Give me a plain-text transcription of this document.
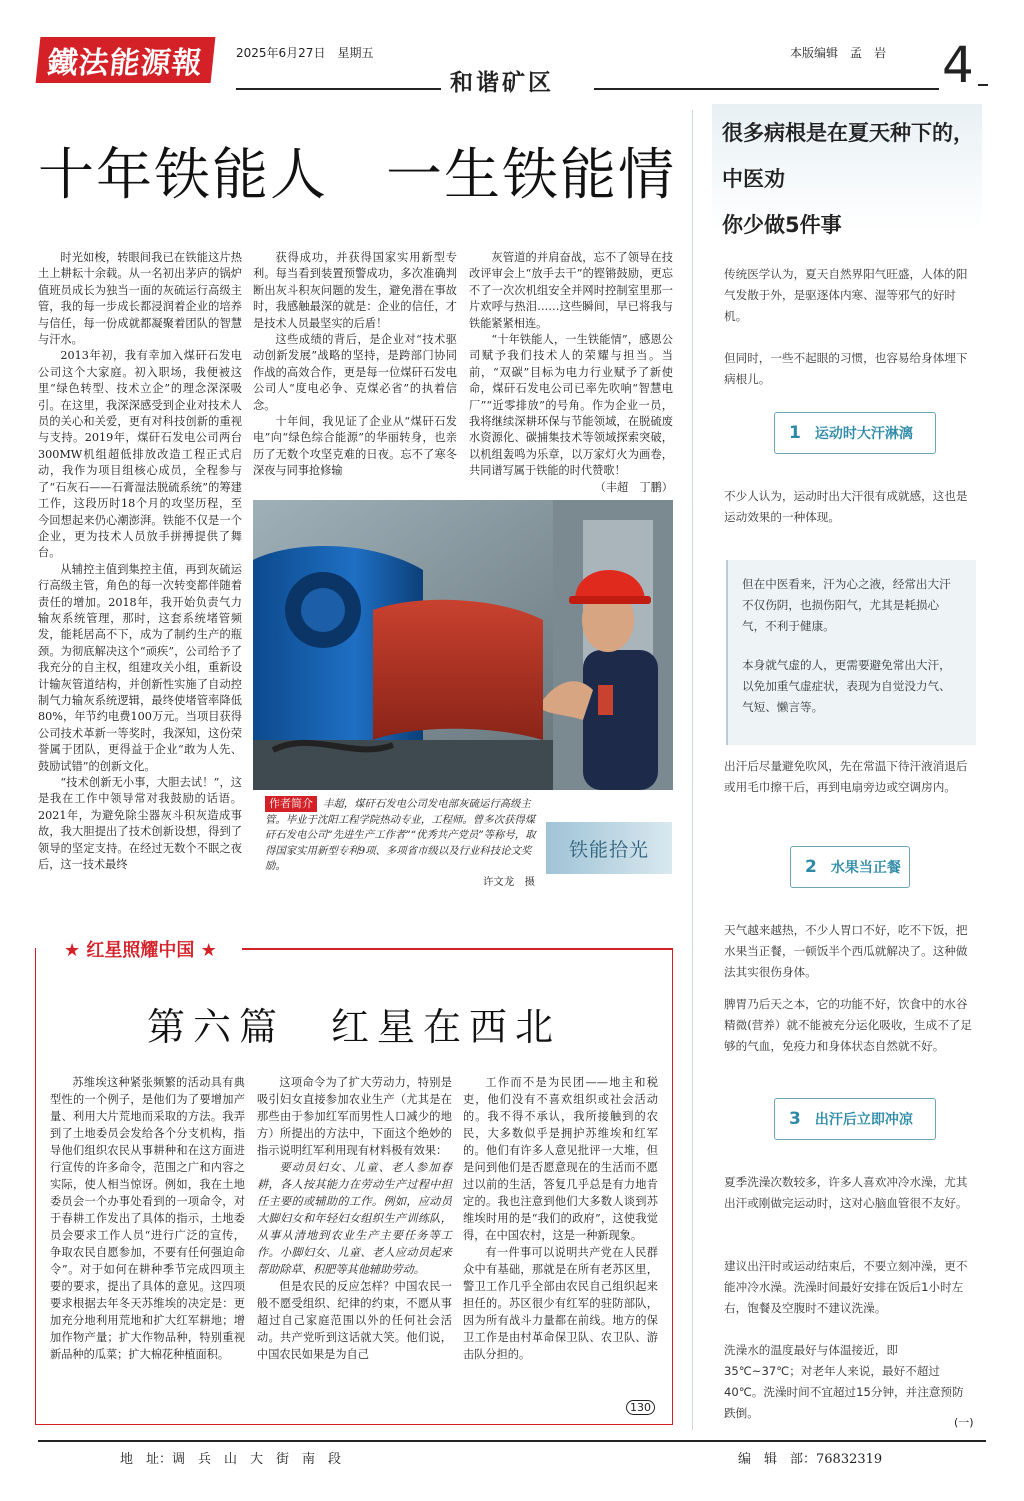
鐵法能源報	2025年6月27日　星期五	本版编辑　孟　岩
和谐矿区	4
十年铁能人　一生铁能情

时光如梭，转眼间我已在铁能这片热土上耕耘十余载。从一名初出茅庐的锅炉值班员成长为独当一面的灰硫运行高级主管，我的每一步成长都浸润着企业的培养与信任，每一份成就都凝聚着团队的智慧与汗水。

2013年初，我有幸加入煤矸石发电公司这个大家庭。初入职场，我便被这里“绿色转型、技术立企”的理念深深吸引。在这里，我深深感受到企业对技术人员的关心和关爱，更有对科技创新的重视与支持。2019年，煤矸石发电公司两台300MW机组超低排放改造工程正式启动，我作为项目组核心成员，全程参与了“石灰石——石膏湿法脱硫系统”的筹建工作，这段历时18个月的攻坚历程，至今回想起来仍心潮澎湃。铁能不仅是一个企业，更为技术人员放手拼搏提供了舞台。

从辅控主值到集控主值，再到灰硫运行高级主管，角色的每一次转变都伴随着责任的增加。2018年，我开始负责气力输灰系统管理，那时，这套系统堵管频发，能耗居高不下，成为了制约生产的瓶颈。为彻底解决这个“顽疾”，公司给予了我充分的自主权，组建攻关小组，重新设计输灰管道结构，并创新性实施了自动控制气力输灰系统逻辑，最终使堵管率降低80%，年节约电费100万元。当项目获得公司技术革新一等奖时，我深知，这份荣誉属于团队，更得益于企业“敢为人先、鼓励试错”的创新文化。

“技术创新无小事，大胆去试！”，这是我在工作中领导常对我鼓励的话语。2021年，为避免除尘器灰斗积灰造成事故，我大胆提出了技术创新设想，得到了领导的坚定支持。在经过无数个不眠之夜后，这一技术最终

获得成功，并获得国家实用新型专利。每当看到装置预警成功，多次准确判断出灰斗积灰问题的发生，避免潜在事故时，我感触最深的就是：企业的信任，才是技术人员最坚实的后盾！

这些成绩的背后，是企业对“技术驱动创新发展”战略的坚持，是跨部门协同作战的高效合作，更是每一位煤矸石发电公司人“度电必争、克煤必省”的执着信念。

十年间，我见证了企业从“煤矸石发电”向“绿色综合能源”的华丽转身，也亲历了无数个攻坚克难的日夜。忘不了寒冬深夜与同事抢修输

灰管道的并肩奋战，忘不了领导在技改评审会上“放手去干”的铿锵鼓励，更忘不了一次次机组安全并网时控制室里那一片欢呼与热泪……这些瞬间，早已将我与铁能紧紧相连。

“十年铁能人，一生铁能情”，感恩公司赋予我们技术人的荣耀与担当。当前，“双碳”目标为电力行业赋予了新使命，煤矸石发电公司已率先吹响“智慧电厂”“近零排放”的号角。作为企业一员，我将继续深耕环保与节能领域，在脱硫废水资源化、碳捕集技术等领域探索突破，以机组轰鸣为乐章，以万家灯火为画卷，共同谱写属于铁能的时代赞歌！

（丰超　丁鹏）
作者简介 丰超，煤矸石发电公司发电部灰硫运行高级主管。毕业于沈阳工程学院热动专业，工程师。曾多次获得煤矸石发电公司“先进生产工作者”“优秀共产党员”等称号，取得国家实用新型专利9项、多项省市级以及行业科技论文奖励。
许文龙　摄
铁能拾光
★ 红星照耀中国 ★
第六篇　红星在西北

苏维埃这种紧张频繁的活动具有典型性的一个例子，是他们为了要增加产量、利用大片荒地而采取的方法。我弄到了土地委员会发给各个分支机构，指导他们组织农民从事耕种和在这方面进行宣传的许多命令，范围之广和内容之实际，使人相当惊讶。例如，我在土地委员会一个办事处看到的一项命令，对于春耕工作发出了具体的指示，土地委员会要求工作人员“进行广泛的宣传，争取农民自愿参加，不要有任何强迫命令”。对于如何在耕种季节完成四项主要的要求，提出了具体的意见。这四项要求根据去年冬天苏维埃的决定是：更加充分地利用荒地和扩大红军耕地；增加作物产量；扩大作物品种，特别重视新品种的瓜菜；扩大棉花种植面积。

这项命令为了扩大劳动力，特别是吸引妇女直接参加农业生产（尤其是在那些由于参加红军而男性人口减少的地方）所提出的方法中，下面这个绝妙的指示说明红军利用现有材料极有效果：

要动员妇女、儿童、老人参加春耕，各人按其能力在劳动生产过程中担任主要的或辅助的工作。例如，应动员大脚妇女和年轻妇女组织生产训练队，从事从清地到农业生产主要任务等工作。小脚妇女、儿童、老人应动员起来帮助除草、积肥等其他辅助劳动。

但是农民的反应怎样？中国农民一般不愿受组织、纪律的约束，不愿从事超过自己家庭范围以外的任何社会活动。共产党听到这话就大笑。他们说，中国农民如果是为自己

工作而不是为民团——地主和税吏，他们没有不喜欢组织或社会活动的。我不得不承认，我所接触到的农民，大多数似乎是拥护苏维埃和红军的。他们有许多人意见批评一大堆，但是问到他们是否愿意现在的生活而不愿过以前的生活，答复几乎总是有力地肯定的。我也注意到他们大多数人谈到苏维埃时用的是“我们的政府”，这使我觉得，在中国农村，这是一种新现象。

有一件事可以说明共产党在人民群众中有基础，那就是在所有老苏区里，警卫工作几乎全部由农民自己组织起来担任的。苏区很少有红军的驻防部队，因为所有战斗力量都在前线。地方的保卫工作是由村革命保卫队、农卫队、游击队分担的。

130
很多病根是在夏天种下的，中医劝
你少做5件事

传统医学认为，夏天自然界阳气旺盛，人体的阳气发散于外，是驱逐体内寒、湿等邪气的好时机。

但同时，一些不起眼的习惯，也容易给身体埋下病根儿。

1 运动时大汗淋漓

不少人认为，运动时出大汗很有成就感，这也是运动效果的一种体现。

但在中医看来，汗为心之液，经常出大汗不仅伤阴，也损伤阳气，尤其是耗损心气，不利于健康。

本身就气虚的人，更需要避免常出大汗，以免加重气虚症状，表现为自觉没力气、气短、懒言等。

出汗后尽量避免吹风，先在常温下待汗液消退后或用毛巾擦干后，再到电扇旁边或空调房内。

2 水果当正餐

天气越来越热，不少人胃口不好，吃不下饭，把水果当正餐，一顿饭半个西瓜就解决了。这种做法其实很伤身体。

脾胃乃后天之本，它的功能不好，饮食中的水谷精微(营养）就不能被充分运化吸收，生成不了足够的气血，免疫力和身体状态自然就不好。

3 出汗后立即冲凉

夏季洗澡次数较多，许多人喜欢冲冷水澡，尤其出汗或刚做完运动时，这对心脑血管很不友好。

建议出汗时或运动结束后，不要立刻冲澡，更不能冲冷水澡。洗澡时间最好安排在饭后1小时左右，饱餐及空腹时不建议洗澡。

洗澡水的温度最好与体温接近，即35℃~37℃；对老年人来说，最好不超过40℃。洗澡时间不宜超过15分钟，并注意预防跌倒。

(一)
地　址：调　兵　山　大　街　南　段	编　辑　部：76832319
